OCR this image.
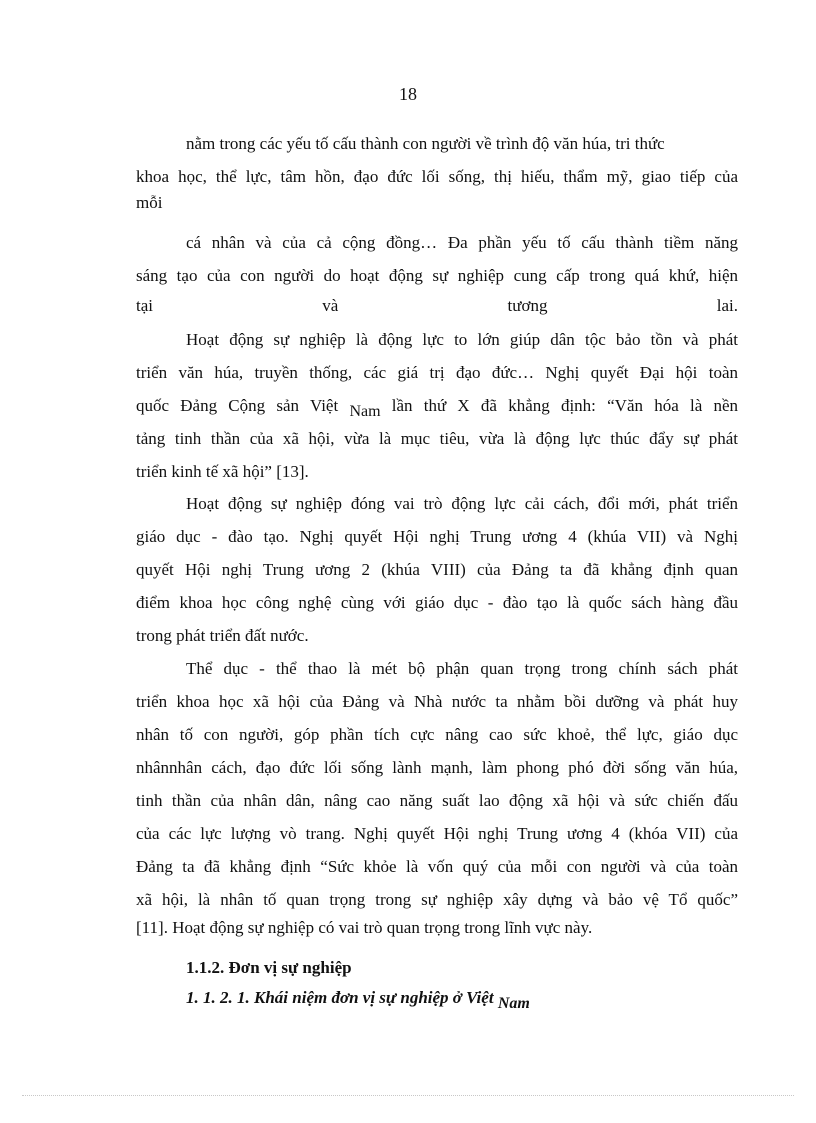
18
nằm trong các yếu tố cấu thành con người về trình độ văn húa, tri thức
khoa học, thể lực, tâm hồn, đạo đức lối sống, thị hiếu, thẩm mỹ, giao tiếp của
mỗi
cá nhân và của cả cộng đồng… Đa phần yếu tố cấu thành tiềm năng
sáng tạo của con người do hoạt động sự nghiệp cung cấp trong quá khứ, hiện
tại và tương lai.
Hoạt động sự nghiệp là động lực to lớn giúp dân tộc bảo tồn và phát
triển văn húa, truyền thống, các giá trị đạo đức… Nghị quyết Đại hội toàn
quốc Đảng Cộng sản Việt Nam lần thứ X đã khẳng định: “Văn hóa là nền
tảng tinh thần của xã hội, vừa là mục tiêu, vừa là động lực thúc đẩy sự phát
triển kinh tế xã hội” [13].
Hoạt động sự nghiệp đóng vai trò động lực cải cách, đổi mới, phát triển
giáo dục - đào tạo. Nghị quyết Hội nghị Trung ương 4 (khúa VII) và Nghị
quyết Hội nghị Trung ương 2 (khúa VIII) của Đảng ta đã khẳng định quan
điểm khoa học công nghệ cùng với giáo dục - đào tạo là quốc sách hàng đầu
trong phát triển đất nước.
Thể dục - thể thao là mét bộ phận quan trọng trong chính sách phát
triển khoa học xã hội của Đảng và Nhà nước ta nhằm bồi dưỡng và phát huy
nhân tố con người, góp phần tích cực nâng cao sức khoẻ, thể lực, giáo dục
nhânnhân cách, đạo đức lối sống lành mạnh, làm phong phó đời sống văn húa,
tinh thần của nhân dân, nâng cao năng suất lao động xã hội và sức chiến đấu
của các lực lượng vò trang. Nghị quyết Hội nghị Trung ương 4 (khóa VII) của
Đảng ta đã khẳng định “Sức khỏe là vốn quý của mỗi con người và của toàn
xã hội, là nhân tố quan trọng trong sự nghiệp xây dựng và bảo vệ Tổ quốc”
[11]. Hoạt động sự nghiệp có vai trò quan trọng trong lĩnh vực này.
1.1.2. Đơn vị sự nghiệp
1. 1. 2. 1. Khái niệm đơn vị sự nghiệp ở Việt Nam
